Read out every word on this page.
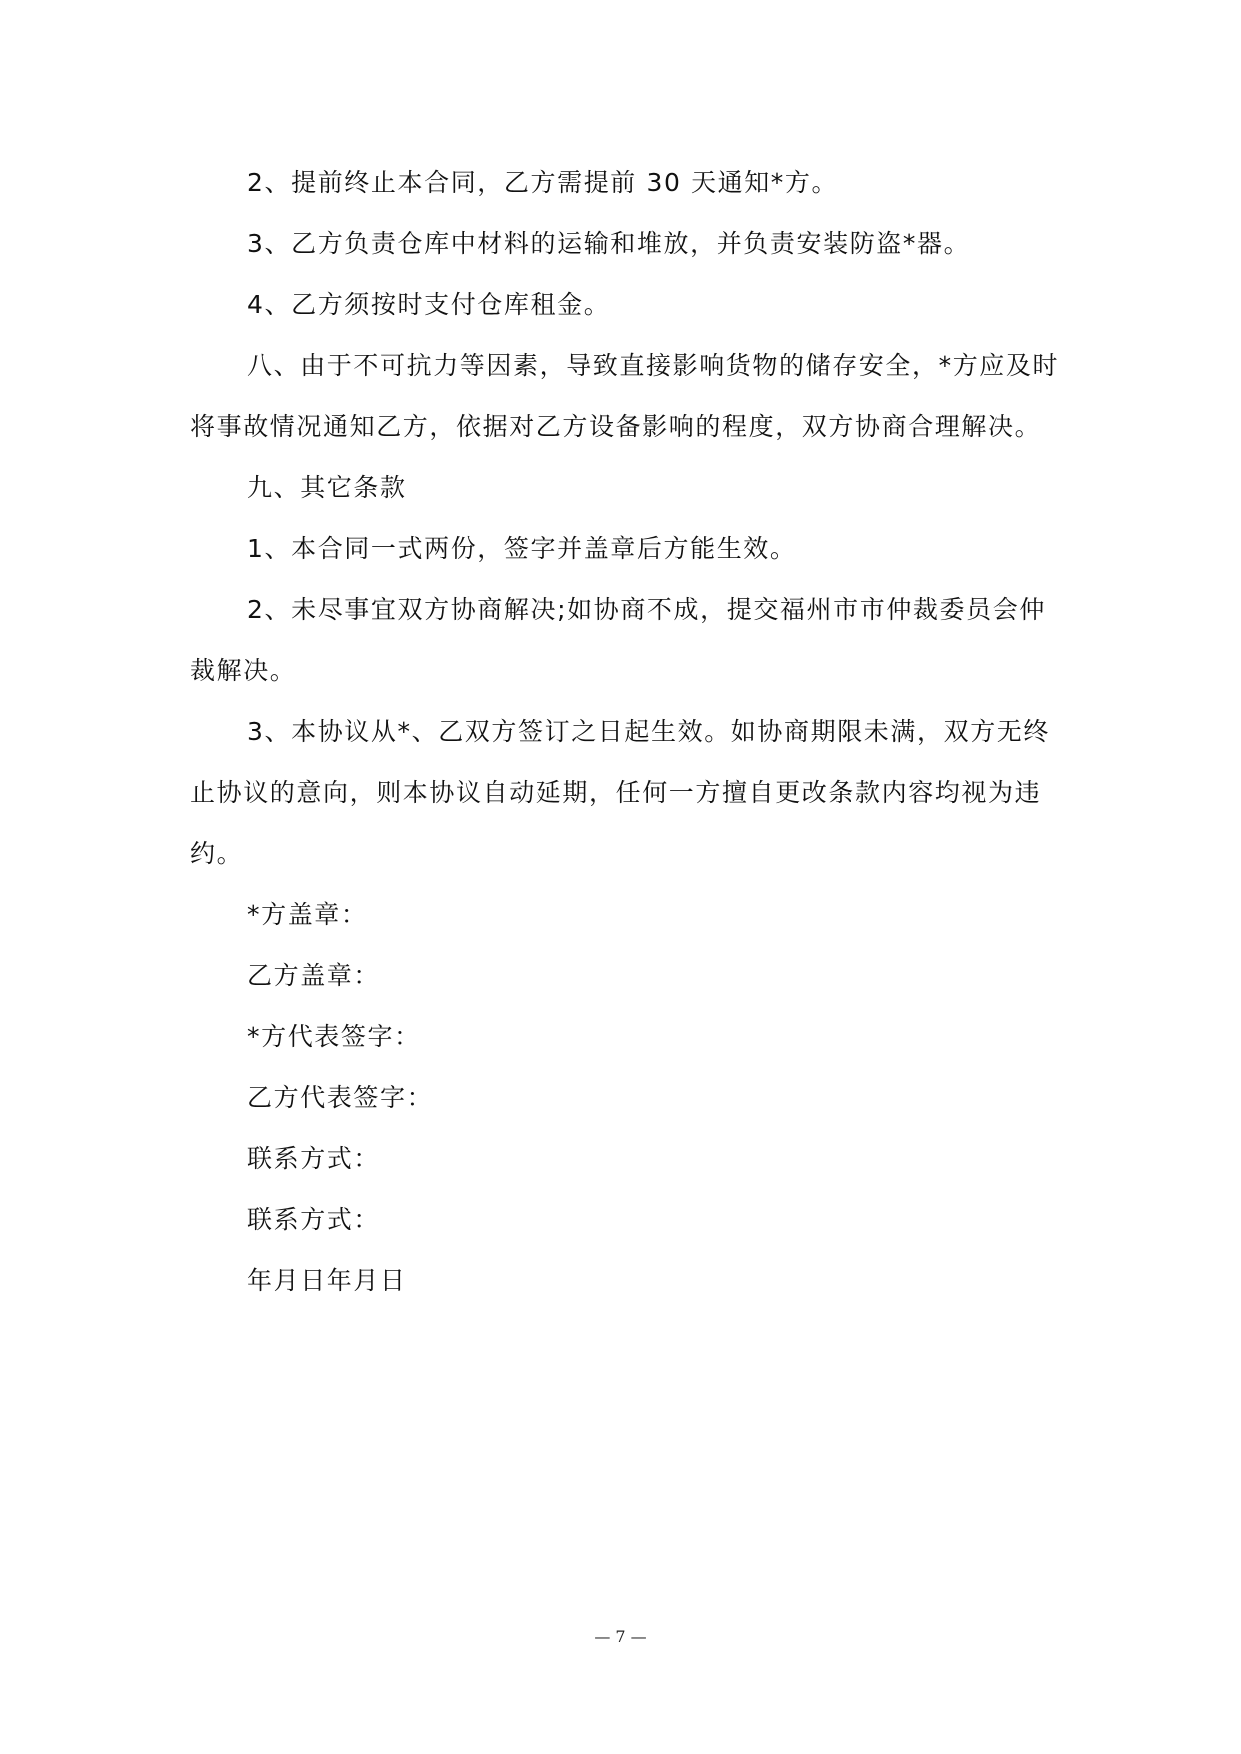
2、提前终止本合同，乙方需提前 30 天通知*方。

3、乙方负责仓库中材料的运输和堆放，并负责安装防盗*器。

4、乙方须按时支付仓库租金。

八、由于不可抗力等因素，导致直接影响货物的储存安全，*方应及时将事故情况通知乙方，依据对乙方设备影响的程度，双方协商合理解决。

九、其它条款

1、本合同一式两份，签字并盖章后方能生效。

2、未尽事宜双方协商解决;如协商不成，提交福州市市仲裁委员会仲裁解决。

3、本协议从*、乙双方签订之日起生效。如协商期限未满，双方无终止协议的意向，则本协议自动延期，任何一方擅自更改条款内容均视为违约。

*方盖章：

乙方盖章：

*方代表签字：

乙方代表签字：

联系方式：

联系方式：

年月日年月日

— 7 —
